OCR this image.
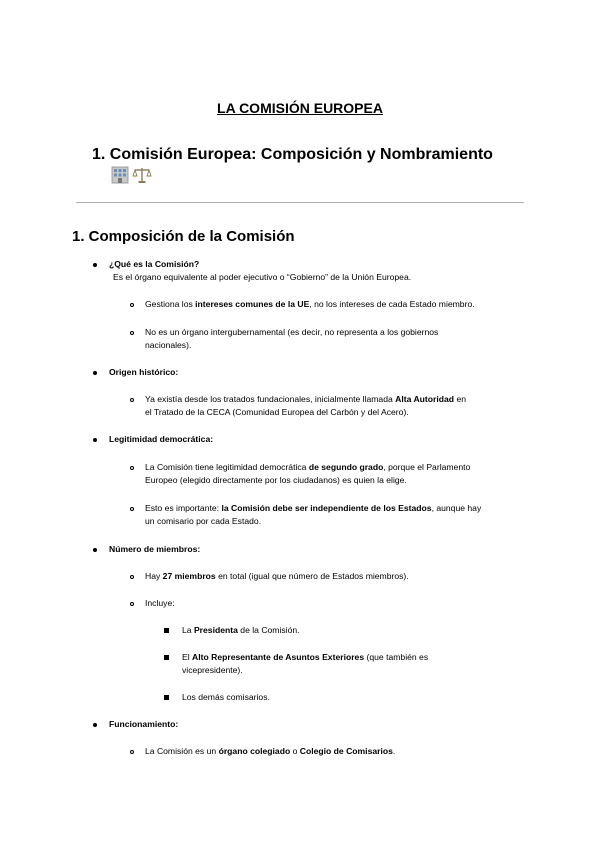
LA COMISIÓN EUROPEA
1. Comisión Europea: Composición y Nombramiento
1. Composición de la Comisión
¿Qué es la Comisión?
Es el órgano equivalente al poder ejecutivo o “Gobierno” de la Unión Europea.
Gestiona los intereses comunes de la UE, no los intereses de cada Estado miembro.
No es un órgano intergubernamental (es decir, no representa a los gobiernos
nacionales).
Origen histórico:
Ya existía desde los tratados fundacionales, inicialmente llamada Alta Autoridad en
el Tratado de la CECA (Comunidad Europea del Carbón y del Acero).
Legitimidad democrática:
La Comisión tiene legitimidad democrática de segundo grado, porque el Parlamento
Europeo (elegido directamente por los ciudadanos) es quien la elige.
Esto es importante: la Comisión debe ser independiente de los Estados, aunque hay
un comisario por cada Estado.
Número de miembros:
Hay 27 miembros en total (igual que número de Estados miembros).
Incluye:
La Presidenta de la Comisión.
El Alto Representante de Asuntos Exteriores (que también es
vicepresidente).
Los demás comisarios.
Funcionamiento:
La Comisión es un órgano colegiado o Colegio de Comisarios.
